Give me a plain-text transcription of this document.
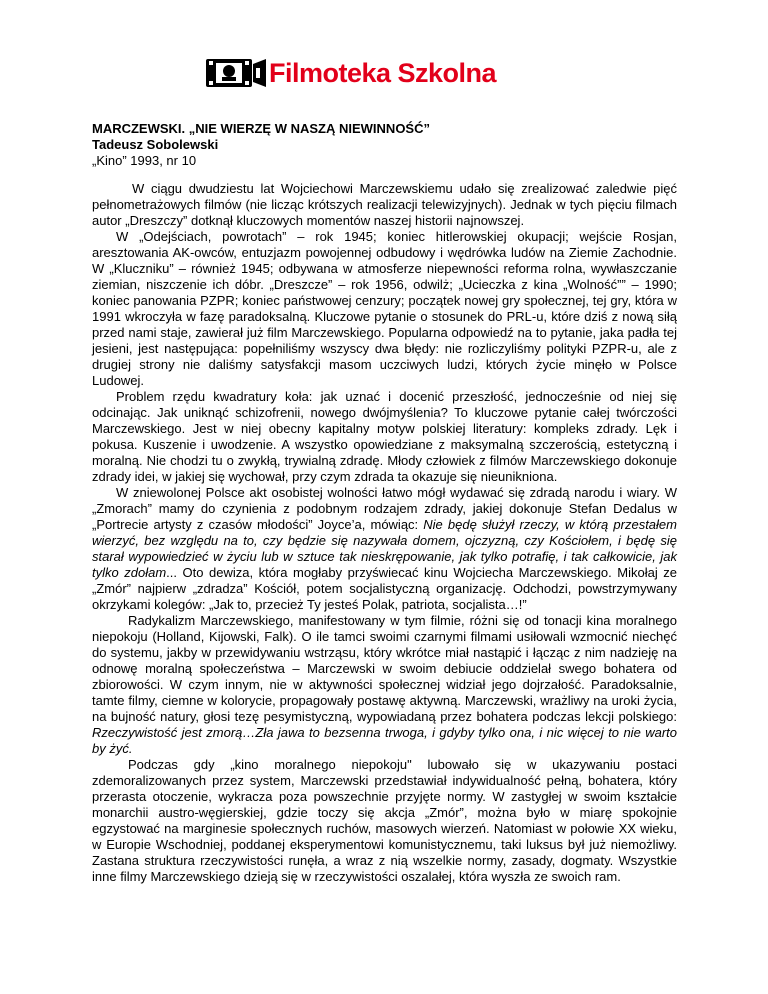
Filmoteka Szkolna
MARCZEWSKI. „NIE WIERZĘ W NASZĄ NIEWINNOŚĆ”
Tadeusz Sobolewski
„Kino” 1993, nr 10

W ciągu dwudziestu lat Wojciechowi Marczewskiemu udało się zrealizować zaledwie pięć pełnometrażowych filmów (nie licząc krótszych realizacji telewizyjnych). Jednak w tych pięciu filmach autor „Dreszczy” dotknął kluczowych momentów naszej historii najnowszej.

W „Odejściach, powrotach” – rok 1945; koniec hitlerowskiej okupacji; wejście Rosjan, aresztowania AK-owców, entuzjazm powojennej odbudowy i wędrówka ludów na Ziemie Zachodnie. W „Kluczniku” – również 1945; odbywana w atmosferze niepewności reforma rolna, wywłaszczanie ziemian, niszczenie ich dóbr. „Dreszcze” – rok 1956, odwilż; „Ucieczka z kina „Wolność”” – 1990; koniec panowania PZPR; koniec państwowej cenzury; początek nowej gry społecznej, tej gry, która w 1991 wkroczyła w fazę paradoksalną. Kluczowe pytanie o stosunek do PRL-u, które dziś z nową siłą przed nami staje, zawierał już film Marczewskiego. Popularna odpowiedź na to pytanie, jaka padła tej jesieni, jest następująca: popełniliśmy wszyscy dwa błędy: nie rozliczyliśmy polityki PZPR-u, ale z drugiej strony nie daliśmy satysfakcji masom uczciwych ludzi, których życie minęło w Polsce Ludowej.

Problem rzędu kwadratury koła: jak uznać i docenić przeszłość, jednocześnie od niej się odcinając. Jak uniknąć schizofrenii, nowego dwójmyślenia? To kluczowe pytanie całej twórczości Marczewskiego. Jest w niej obecny kapitalny motyw polskiej literatury: kompleks zdrady. Lęk i pokusa. Kuszenie i uwodzenie. A wszystko opowiedziane z maksymalną szczerością, estetyczną i moralną. Nie chodzi tu o zwykłą, trywialną zdradę. Młody człowiek z filmów Marczewskiego dokonuje zdrady idei, w jakiej się wychował, przy czym zdrada ta okazuje się nieunikniona.

W zniewolonej Polsce akt osobistej wolności łatwo mógł wydawać się zdradą narodu i wiary. W „Zmorach” mamy do czynienia z podobnym rodzajem zdrady, jakiej dokonuje Stefan Dedalus w „Portrecie artysty z czasów młodości” Joyce’a, mówiąc: Nie będę służył rzeczy, w którą przestałem wierzyć, bez względu na to, czy będzie się nazywała domem, ojczyzną, czy Kościołem, i będę się starał wypowiedzieć w życiu lub w sztuce tak nieskrępowanie, jak tylko potrafię, i tak całkowicie, jak tylko zdołam... Oto dewiza, która mogłaby przyświecać kinu Wojciecha Marczewskiego. Mikołaj ze „Zmór” najpierw „zdradza” Kościół, potem socjalistyczną organizację. Odchodzi, powstrzymywany okrzykami kolegów: „Jak to, przecież Ty jesteś Polak, patriota, socjalista…!”

Radykalizm Marczewskiego, manifestowany w tym filmie, różni się od tonacji kina moralnego niepokoju (Holland, Kijowski, Falk). O ile tamci swoimi czarnymi filmami usiłowali wzmocnić niechęć do systemu, jakby w przewidywaniu wstrząsu, który wkrótce miał nastąpić i łącząc z nim nadzieję na odnowę moralną społeczeństwa – Marczewski w swoim debiucie oddzielał swego bohatera od zbiorowości. W czym innym, nie w aktywności społecznej widział jego dojrzałość. Paradoksalnie, tamte filmy, ciemne w kolorycie, propagowały postawę aktywną. Marczewski, wrażliwy na uroki życia, na bujność natury, głosi tezę pesymistyczną, wypowiadaną przez bohatera podczas lekcji polskiego: Rzeczywistość jest zmorą…Zła jawa to bezsenna trwoga, i gdyby tylko ona, i nic więcej to nie warto by żyć.

Podczas gdy „kino moralnego niepokoju" lubowało się w ukazywaniu postaci zdemoralizowanych przez system, Marczewski przedstawiał indywidualność pełną, bohatera, który przerasta otoczenie, wykracza poza powszechnie przyjęte normy. W zastygłej w swoim kształcie monarchii austro-węgierskiej, gdzie toczy się akcja „Zmór”, można było w miarę spokojnie egzystować na marginesie społecznych ruchów, masowych wierzeń. Natomiast w połowie XX wieku, w Europie Wschodniej, poddanej eksperymentowi komunistycznemu, taki luksus był już niemożliwy. Zastana struktura rzeczywistości runęła, a wraz z nią wszelkie normy, zasady, dogmaty. Wszystkie inne filmy Marczewskiego dzieją się w rzeczywistości oszalałej, która wyszła ze swoich ram.
